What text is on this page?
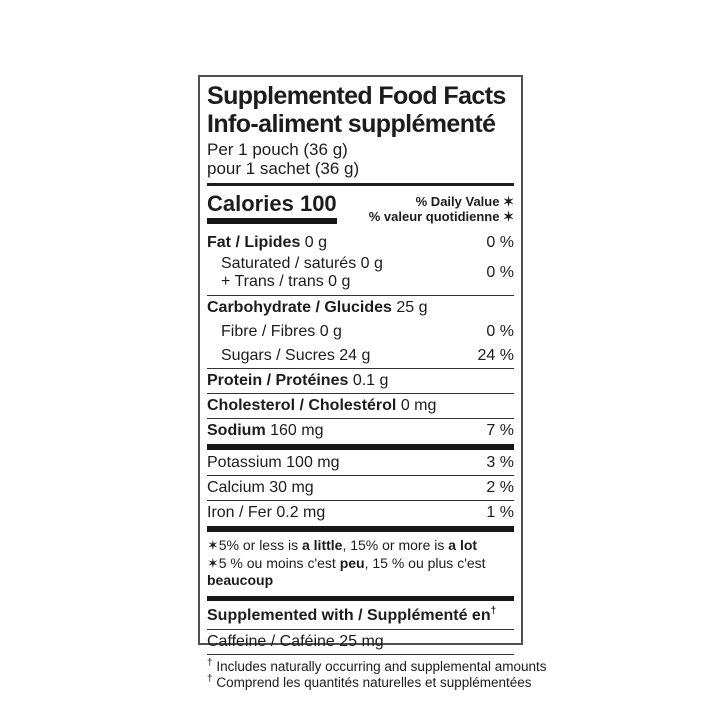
Supplemented Food Facts
Info-aliment supplémenté
Per 1 pouch (36 g)
pour 1 sachet (36 g)
Calories 100	% Daily Value ✶
% valeur quotidienne ✶
Fat / Lipides 0 g	0 %
Saturated / saturés 0 g
+ Trans / trans 0 g
0 %
Carbohydrate / Glucides 25 g
Fibre / Fibres 0 g	0 %
Sugars / Sucres 24 g	24 %
Protein / Protéines 0.1 g
Cholesterol / Cholestérol 0 mg
Sodium 160 mg	7 %
Potassium 100 mg	3 %
Calcium 30 mg	2 %
Iron / Fer 0.2 mg	1 %
✶5% or less is a little, 15% or more is a lot
✶5 % ou moins c'est peu, 15 % ou plus c'est beaucoup
Supplemented with / Supplémenté en†
Caffeine / Caféine 25 mg
† Includes naturally occurring and supplemental amounts
† Comprend les quantités naturelles et supplémentées
